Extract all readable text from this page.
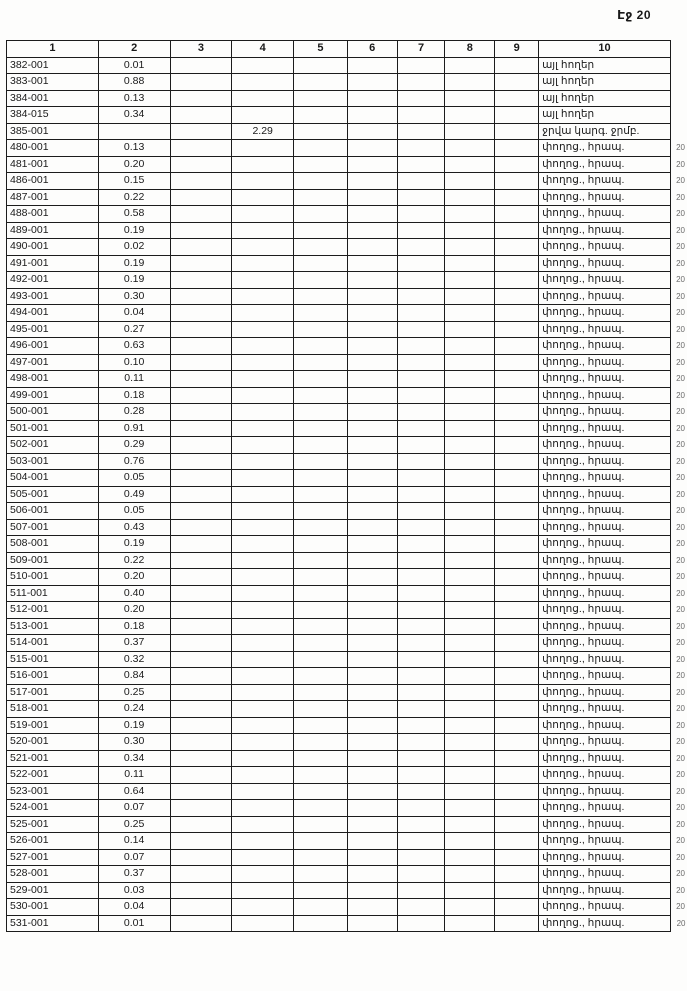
Էջ 20
1	2	3	4	5	6	7	8	9	10	
382-001	0.01								այլ հողեր	
383-001	0.88								այլ հողեր	
384-001	0.13								այլ հողեր	
384-015	0.34								այլ հողեր	
385-001			2.29						ջրվա կարգ. ջրմբ.	
480-001	0.13								փողոց., հրապ.	20
481-001	0.20								փողոց., հրապ.	20
486-001	0.15								փողոց., հրապ.	20
487-001	0.22								փողոց., հրապ.	20
488-001	0.58								փողոց., հրապ.	20
489-001	0.19								փողոց., հրապ.	20
490-001	0.02								փողոց., հրապ.	20
491-001	0.19								փողոց., հրապ.	20
492-001	0.19								փողոց., հրապ.	20
493-001	0.30								փողոց., հրապ.	20
494-001	0.04								փողոց., հրապ.	20
495-001	0.27								փողոց., հրապ.	20
496-001	0.63								փողոց., հրապ.	20
497-001	0.10								փողոց., հրապ.	20
498-001	0.11								փողոց., հրապ.	20
499-001	0.18								փողոց., հրապ.	20
500-001	0.28								փողոց., հրապ.	20
501-001	0.91								փողոց., հրապ.	20
502-001	0.29								փողոց., հրապ.	20
503-001	0.76								փողոց., հրապ.	20
504-001	0.05								փողոց., հրապ.	20
505-001	0.49								փողոց., հրապ.	20
506-001	0.05								փողոց., հրապ.	20
507-001	0.43								փողոց., հրապ.	20
508-001	0.19								փողոց., հրապ.	20
509-001	0.22								փողոց., հրապ.	20
510-001	0.20								փողոց., հրապ.	20
511-001	0.40								փողոց., հրապ.	20
512-001	0.20								փողոց., հրապ.	20
513-001	0.18								փողոց., հրապ.	20
514-001	0.37								փողոց., հրապ.	20
515-001	0.32								փողոց., հրապ.	20
516-001	0.84								փողոց., հրապ.	20
517-001	0.25								փողոց., հրապ.	20
518-001	0.24								փողոց., հրապ.	20
519-001	0.19								փողոց., հրապ.	20
520-001	0.30								փողոց., հրապ.	20
521-001	0.34								փողոց., հրապ.	20
522-001	0.11								փողոց., հրապ.	20
523-001	0.64								փողոց., հրապ.	20
524-001	0.07								փողոց., հրապ.	20
525-001	0.25								փողոց., հրապ.	20
526-001	0.14								փողոց., հրապ.	20
527-001	0.07								փողոց., հրապ.	20
528-001	0.37								փողոց., հրապ.	20
529-001	0.03								փողոց., հրապ.	20
530-001	0.04								փողոց., հրապ.	20
531-001	0.01								փողոց., հրապ.	20
